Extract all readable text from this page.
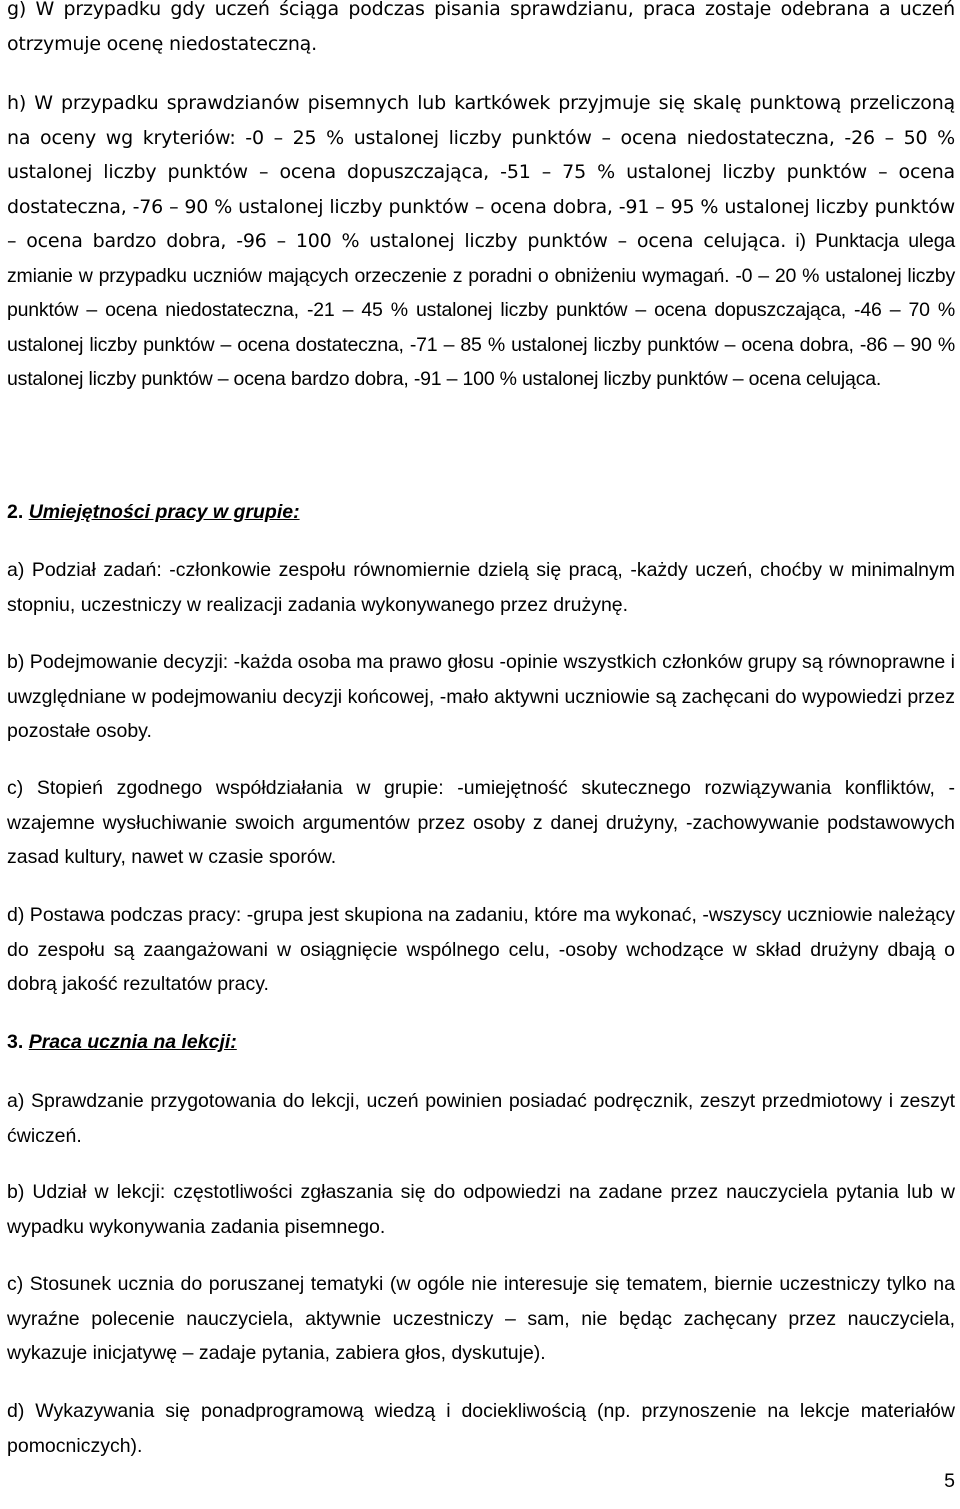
g) W przypadku gdy uczeń ściąga podczas pisania sprawdzianu, praca zostaje odebrana a uczeń otrzymuje ocenę niedostateczną.

h) W przypadku sprawdzianów pisemnych lub kartkówek przyjmuje się skalę punktową przeliczoną na oceny wg kryteriów: -0 – 25 % ustalonej liczby punktów – ocena niedostateczna, -26 – 50 % ustalonej liczby punktów – ocena dopuszczająca, -51 – 75 % ustalonej liczby punktów – ocena dostateczna, -76 – 90 % ustalonej liczby punktów – ocena dobra, -91 – 95 % ustalonej liczby punktów – ocena bardzo dobra, -96 – 100 % ustalonej liczby punktów – ocena celująca. i) Punktacja ulega zmianie w przypadku uczniów mających orzeczenie z poradni o obniżeniu wymagań. -0 – 20 % ustalonej liczby punktów – ocena niedostateczna, -21 – 45 % ustalonej liczby punktów – ocena dopuszczająca, -46 – 70 % ustalonej liczby punktów – ocena dostateczna, -71 – 85 % ustalonej liczby punktów – ocena dobra, -86 – 90 % ustalonej liczby punktów – ocena bardzo dobra, -91 – 100 % ustalonej liczby punktów – ocena celująca.

2. Umiejętności pracy w grupie:

a) Podział zadań: -członkowie zespołu równomiernie dzielą się pracą, -każdy uczeń, choćby w minimalnym stopniu, uczestniczy w realizacji zadania wykonywanego przez drużynę.

b) Podejmowanie decyzji: -każda osoba ma prawo głosu -opinie wszystkich członków grupy są równoprawne i uwzględniane w podejmowaniu decyzji końcowej, -mało aktywni uczniowie są zachęcani do wypowiedzi przez pozostałe osoby.

c) Stopień zgodnego współdziałania w grupie: -umiejętność skutecznego rozwiązywania konfliktów, -wzajemne wysłuchiwanie swoich argumentów przez osoby z danej drużyny, -zachowywanie podstawowych zasad kultury, nawet w czasie sporów.

d) Postawa podczas pracy: -grupa jest skupiona na zadaniu, które ma wykonać, -wszyscy uczniowie należący do zespołu są zaangażowani w osiągnięcie wspólnego celu, -osoby wchodzące w skład drużyny dbają o dobrą jakość rezultatów pracy.

3. Praca ucznia na lekcji:

a) Sprawdzanie przygotowania do lekcji, uczeń powinien posiadać podręcznik, zeszyt przedmiotowy i zeszyt ćwiczeń.

b) Udział w lekcji: częstotliwości zgłaszania się do odpowiedzi na zadane przez nauczyciela pytania lub w wypadku wykonywania zadania pisemnego.

c) Stosunek ucznia do poruszanej tematyki (w ogóle nie interesuje się tematem, biernie uczestniczy tylko na wyraźne polecenie nauczyciela, aktywnie uczestniczy – sam, nie będąc zachęcany przez nauczyciela, wykazuje inicjatywę – zadaje pytania, zabiera głos, dyskutuje).

d) Wykazywania się ponadprogramową wiedzą i dociekliwością (np. przynoszenie na lekcje materiałów pomocniczych).

5
